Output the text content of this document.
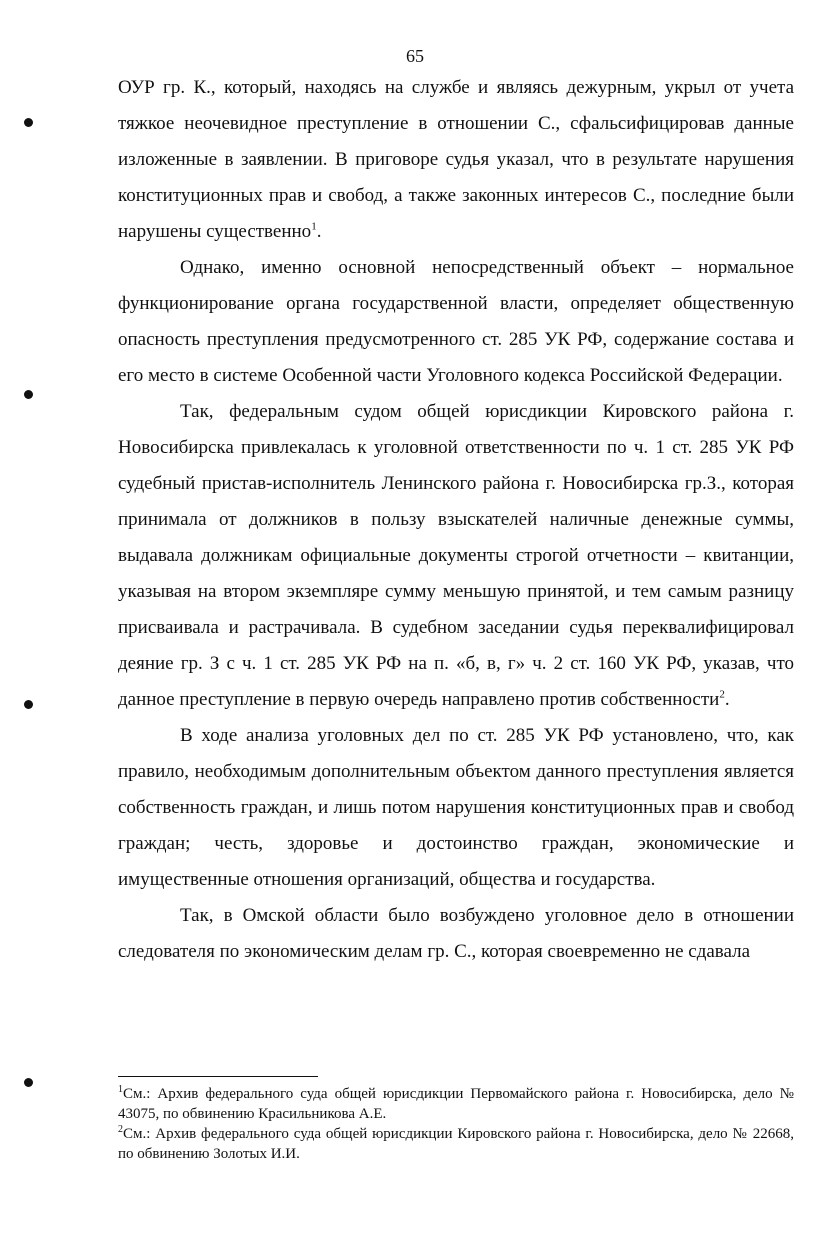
65

ОУР гр. К., который, находясь на службе и являясь дежурным, укрыл от учета тяжкое неочевидное преступление в отношении С., сфальсифицировав данные изложенные в заявлении. В приговоре судья указал, что в результате нарушения конституционных прав и свобод, а также законных интересов С., последние были нарушены существенно$^1$.

Однако, именно основной непосредственный объект – нормальное функционирование органа государственной власти, определяет общественную опасность преступления предусмотренного ст. 285 УК РФ, содержание состава и его место в системе Особенной части Уголовного кодекса Российской Федерации.

Так, федеральным судом общей юрисдикции Кировского района г. Новосибирска привлекалась к уголовной ответственности по ч. 1 ст. 285 УК РФ судебный пристав-исполнитель Ленинского района г. Новосибирска гр.З., которая принимала от должников в пользу взыскателей наличные денежные суммы, выдавала должникам официальные документы строгой отчетности – квитанции, указывая на втором экземпляре сумму меньшую принятой, и тем самым разницу присваивала и растрачивала. В судебном заседании судья переквалифицировал деяние гр. З с ч. 1 ст. 285 УК РФ на п. «б, в, г» ч. 2 ст. 160 УК РФ, указав, что данное преступление в первую очередь направлено против собственности$^2$.

В ходе анализа уголовных дел по ст. 285 УК РФ установлено, что, как правило, необходимым дополнительным объектом данного преступления является собственность граждан, и лишь потом нарушения конституционных прав и свобод граждан; честь, здоровье и достоинство граждан, экономические и имущественные отношения организаций, общества и государства.

Так, в Омской области было возбуждено уголовное дело в отношении следователя по экономическим делам гр. С., которая своевременно не сдавала

$^1$См.: Архив федерального суда общей юрисдикции Первомайского района г. Новосибирска, дело № 43075, по обвинению Красильникова А.Е.

$^2$См.: Архив федерального суда общей юрисдикции Кировского района г. Новосибирска, дело № 22668, по обвинению Золотых И.И.
